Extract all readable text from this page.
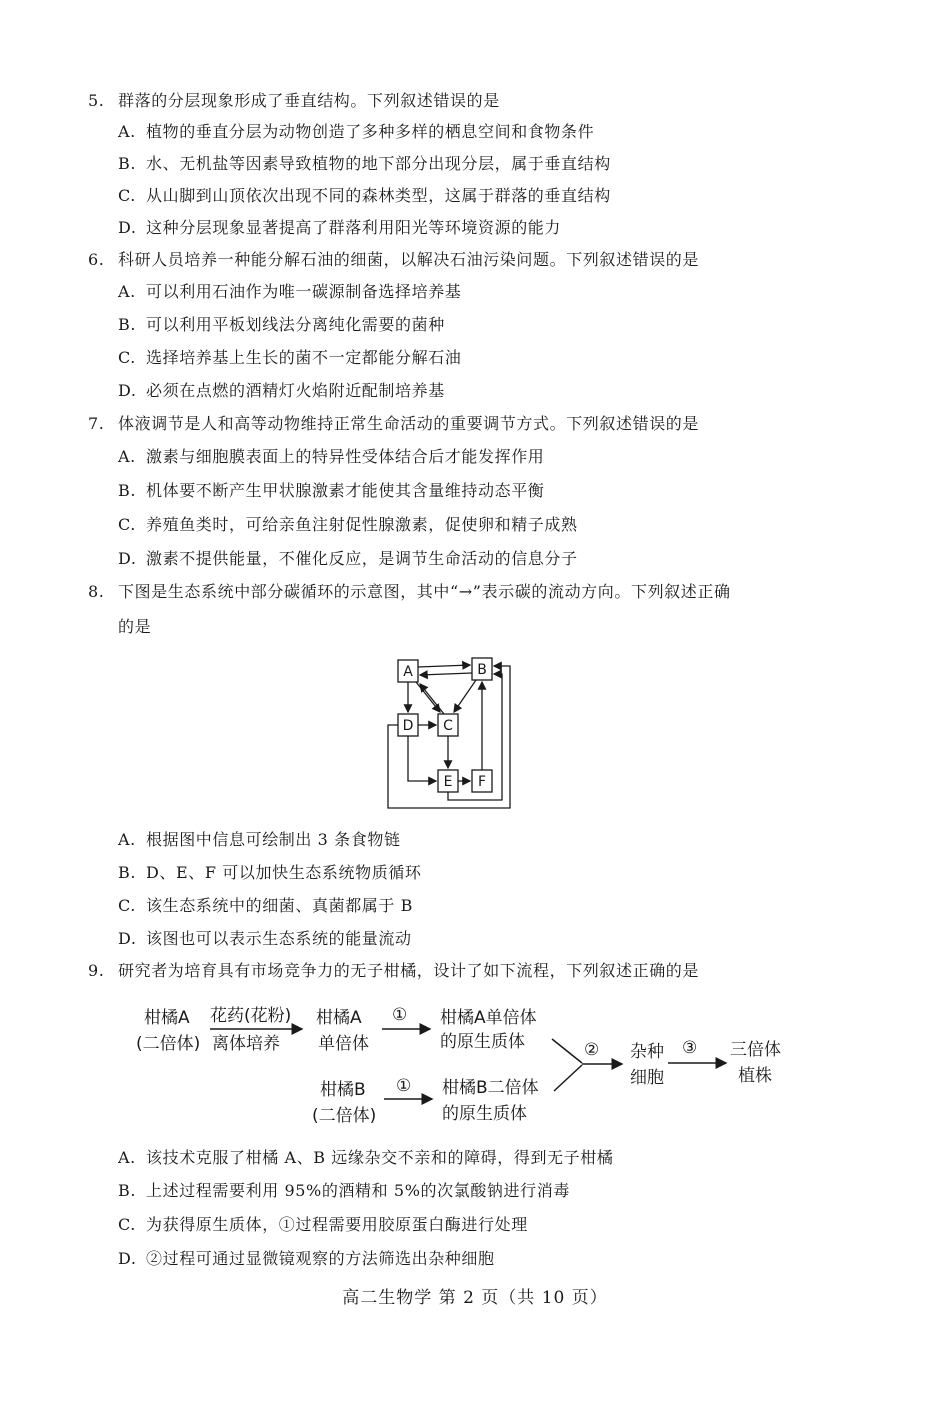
5. 群落的分层现象形成了垂直结构。下列叙述错误的是
A. 植物的垂直分层为动物创造了多种多样的栖息空间和食物条件
B. 水、无机盐等因素导致植物的地下部分出现分层，属于垂直结构
C. 从山脚到山顶依次出现不同的森林类型，这属于群落的垂直结构
D. 这种分层现象显著提高了群落利用阳光等环境资源的能力
6. 科研人员培养一种能分解石油的细菌，以解决石油污染问题。下列叙述错误的是
A. 可以利用石油作为唯一碳源制备选择培养基
B. 可以利用平板划线法分离纯化需要的菌种
C. 选择培养基上生长的菌不一定都能分解石油
D. 必须在点燃的酒精灯火焰附近配制培养基
7. 体液调节是人和高等动物维持正常生命活动的重要调节方式。下列叙述错误的是
A. 激素与细胞膜表面上的特异性受体结合后才能发挥作用
B. 机体要不断产生甲状腺激素才能使其含量维持动态平衡
C. 养殖鱼类时，可给亲鱼注射促性腺激素，促使卵和精子成熟
D. 激素不提供能量，不催化反应，是调节生命活动的信息分子
8. 下图是生态系统中部分碳循环的示意图，其中“→”表示碳的流动方向。下列叙述正确
的是
A	B
C
D
E F
A. 根据图中信息可绘制出 3 条食物链
B. D、E、F 可以加快生态系统物质循环
C. 该生态系统中的细菌、真菌都属于 B
D. 该图也可以表示生态系统的能量流动
9. 研究者为培育具有市场竞争力的无子柑橘，设计了如下流程，下列叙述正确的是
柑橘A
(二倍体)
花药(花粉)
离体培养
柑橘A
单倍体
① 柑橘A单倍体
的原生质体
柑橘B
(二倍体)
① 柑橘B二倍体
的原生质体
② 杂种
细胞
③ 三倍体
植株
A. 该技术克服了柑橘 A、B 远缘杂交不亲和的障碍，得到无子柑橘
B. 上述过程需要利用 95%的酒精和 5%的次氯酸钠进行消毒
C. 为获得原生质体，①过程需要用胶原蛋白酶进行处理
D. ②过程可通过显微镜观察的方法筛选出杂种细胞
高二生物学 第 2 页（共 10 页）
